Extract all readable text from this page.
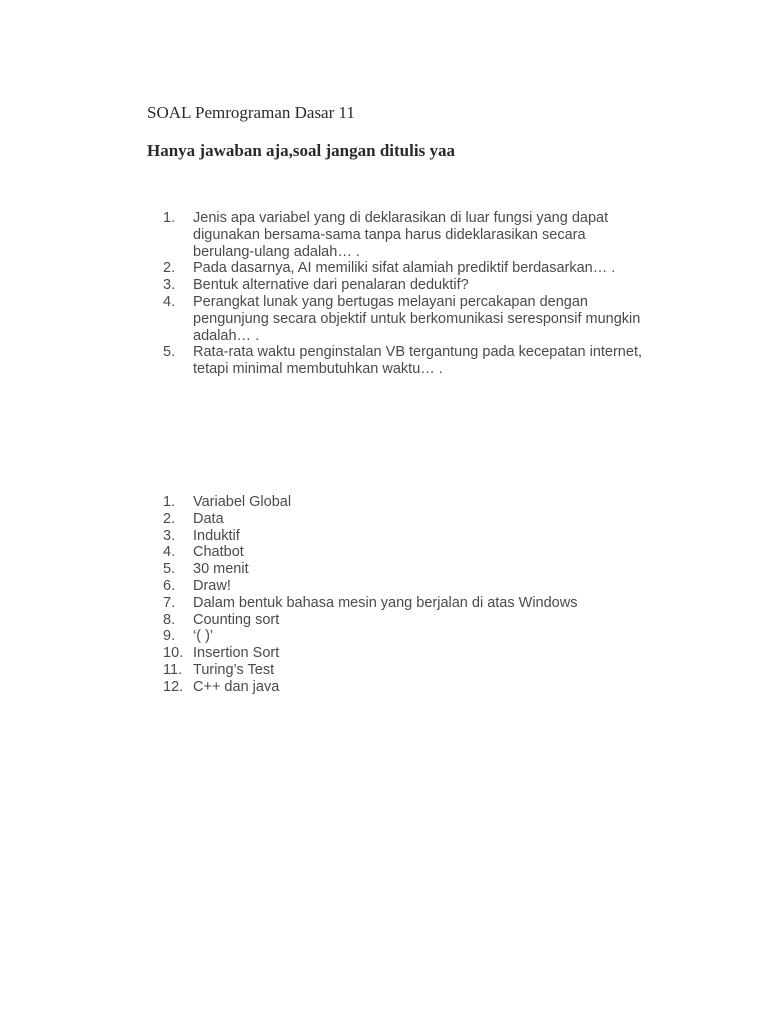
SOAL Pemrograman Dasar 11
Hanya jawaban aja,soal jangan ditulis yaa
1.	Jenis apa variabel yang di deklarasikan di luar fungsi yang dapat digunakan bersama-sama tanpa harus dideklarasikan secara berulang-ulang adalah… .
2.	Pada dasarnya, AI memiliki sifat alamiah prediktif berdasarkan… .
3.	Bentuk alternative dari penalaran deduktif?
4.	Perangkat lunak yang bertugas melayani percakapan dengan pengunjung secara objektif untuk berkomunikasi seresponsif mungkin adalah… .
5.	Rata-rata waktu penginstalan VB tergantung pada kecepatan internet, tetapi minimal membutuhkan waktu… .
1.	Variabel Global
2.	Data
3.	Induktif
4.	Chatbot
5.	30 menit
6.	Draw!
7.	Dalam bentuk bahasa mesin yang berjalan di atas Windows
8.	Counting sort
9.	‘( )’
10. Insertion Sort
11. Turing’s Test
12. C++ dan java
